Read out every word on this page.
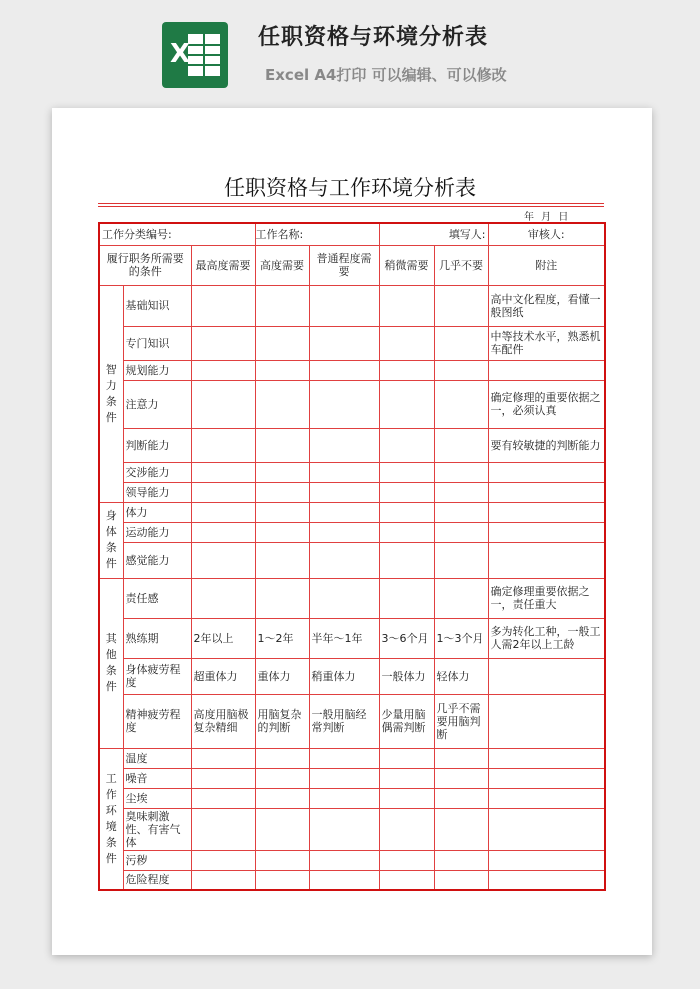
X
任职资格与环境分析表
Excel A4打印 可以编辑、可以修改
任职资格与工作环境分析表
年 月 日
工作分类编号:			工作名称:		填写人:		审核人:
履行职务所需要的条件		最高度需要	高度需要	普通程度需要	稍微需要	几乎不要	附注
智力条件	基础知识						高中文化程度，看懂一般图纸
	专门知识						中等技术水平，熟悉机车配件
	规划能力						
	注意力						确定修理的重要依据之一，必须认真
	判断能力						要有较敏捷的判断能力
	交涉能力						
	领导能力						
身体条件	体力						
	运动能力						
	感觉能力						
其他条件	责任感						确定修理重要依据之一，责任重大
	熟练期	2年以上	1～2年	半年～1年	3～6个月	1～3个月	多为转化工种，一般工人需2年以上工龄
	身体疲劳程度	超重体力	重体力	稍重体力	一般体力	轻体力	
	精神疲劳程度	高度用脑极复杂精细	用脑复杂的判断	一般用脑经常判断	少量用脑偶需判断	几乎不需要用脑判断	
工作环境条件	温度						
	噪音						
	尘埃						
	臭味刺激性、有害气体						
	污秽						
	危险程度						
